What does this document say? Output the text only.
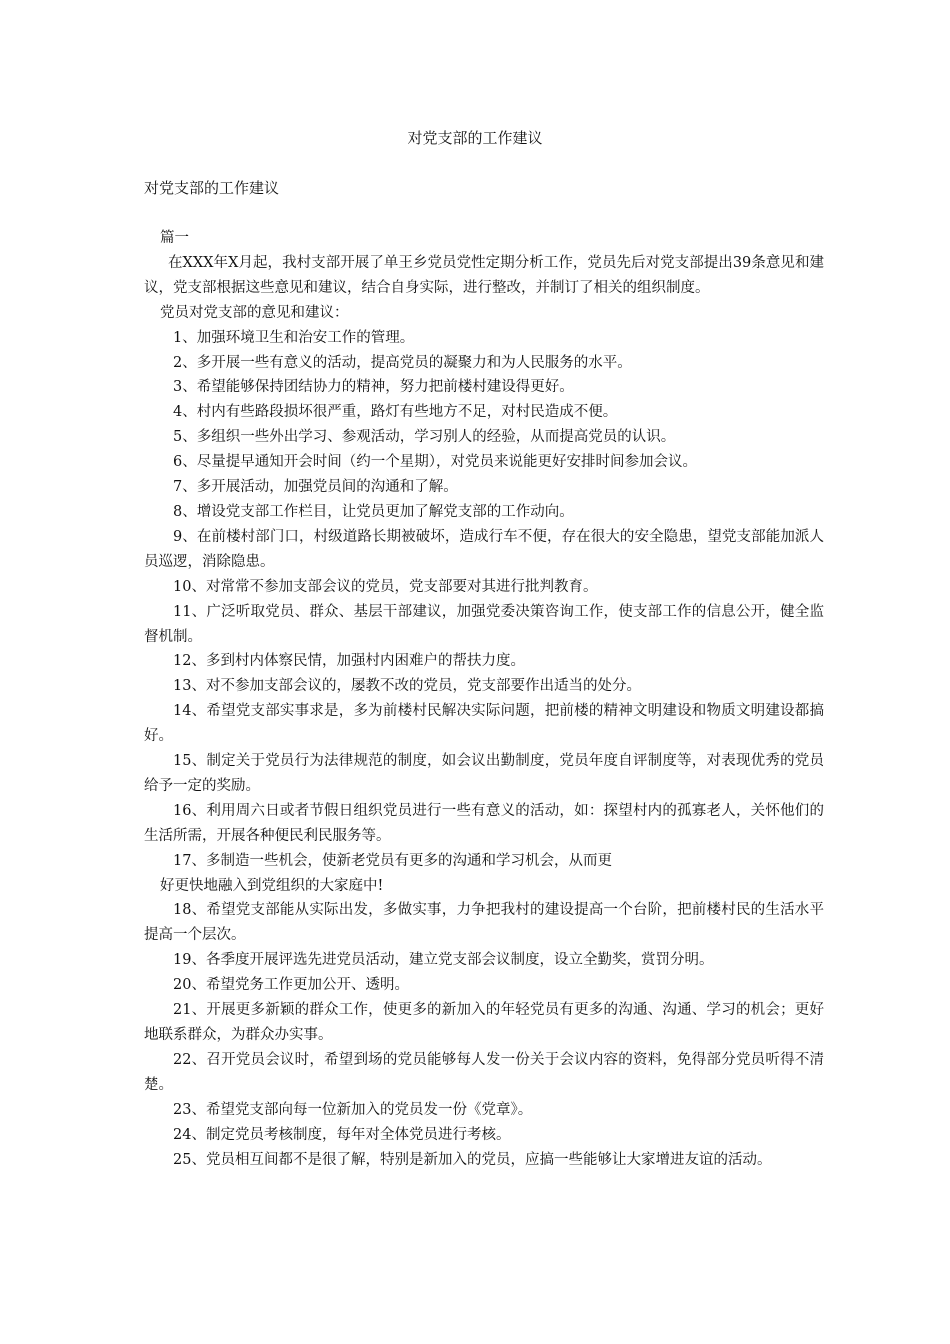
对党支部的工作建议
对党支部的工作建议

篇一

在XXX年X月起，我村支部开展了单王乡党员党性定期分析工作，党员先后对党支部提出39条意见和建议，党支部根据这些意见和建议，结合自身实际，进行整改，并制订了相关的组织制度。

党员对党支部的意见和建议：

1、加强环境卫生和治安工作的管理。

2、多开展一些有意义的活动，提高党员的凝聚力和为人民服务的水平。

3、希望能够保持团结协力的精神，努力把前楼村建设得更好。

4、村内有些路段损坏很严重，路灯有些地方不足，对村民造成不便。

5、多组织一些外出学习、参观活动，学习别人的经验，从而提高党员的认识。

6、尽量提早通知开会时间（约一个星期），对党员来说能更好安排时间参加会议。

7、多开展活动，加强党员间的沟通和了解。

8、增设党支部工作栏目，让党员更加了解党支部的工作动向。

9、在前楼村部门口，村级道路长期被破坏，造成行车不便，存在很大的安全隐患，望党支部能加派人员巡逻，消除隐患。

10、对常常不参加支部会议的党员，党支部要对其进行批判教育。

11、广泛听取党员、群众、基层干部建议，加强党委决策咨询工作，使支部工作的信息公开，健全监督机制。

12、多到村内体察民情，加强村内困难户的帮扶力度。

13、对不参加支部会议的，屡教不改的党员，党支部要作出适当的处分。

14、希望党支部实事求是，多为前楼村民解决实际问题，把前楼的精神文明建设和物质文明建设都搞好。

15、制定关于党员行为法律规范的制度，如会议出勤制度，党员年度自评制度等，对表现优秀的党员给予一定的奖励。

16、利用周六日或者节假日组织党员进行一些有意义的活动，如：探望村内的孤寡老人，关怀他们的生活所需，开展各种便民利民服务等。

17、多制造一些机会，使新老党员有更多的沟通和学习机会，从而更

好更快地融入到党组织的大家庭中!

18、希望党支部能从实际出发，多做实事，力争把我村的建设提高一个台阶，把前楼村民的生活水平提高一个层次。

19、各季度开展评选先进党员活动，建立党支部会议制度，设立全勤奖，赏罚分明。

20、希望党务工作更加公开、透明。

21、开展更多新颖的群众工作，使更多的新加入的年轻党员有更多的沟通、沟通、学习的机会；更好地联系群众，为群众办实事。

22、召开党员会议时，希望到场的党员能够每人发一份关于会议内容的资料，免得部分党员听得不清楚。

23、希望党支部向每一位新加入的党员发一份《党章》。

24、制定党员考核制度，每年对全体党员进行考核。

25、党员相互间都不是很了解，特别是新加入的党员，应搞一些能够让大家增进友谊的活动。
